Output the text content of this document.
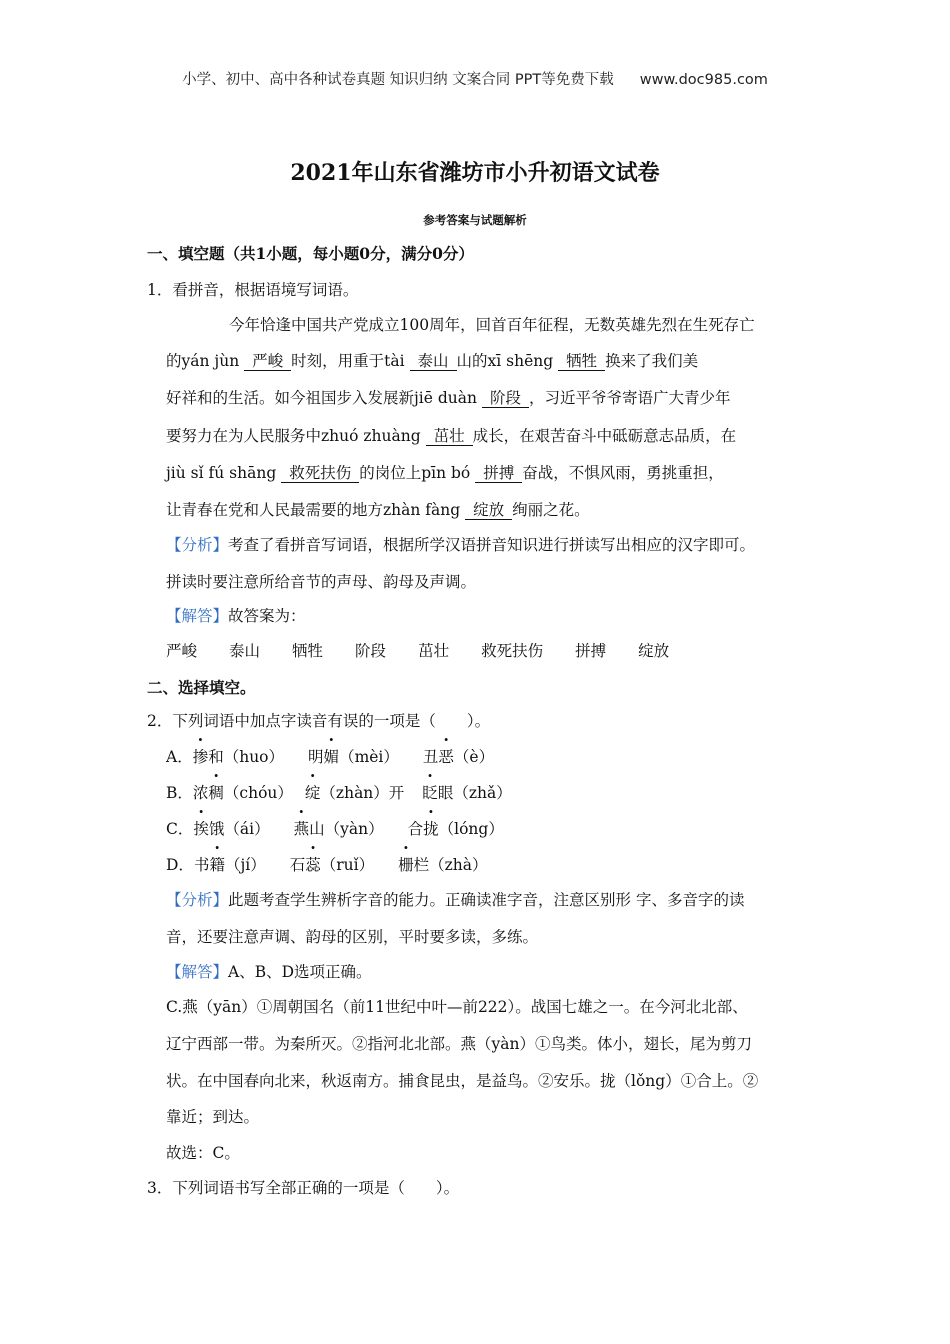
小学、初中、高中各种试卷真题 知识归纳 文案合同 PPT等免费下载 www.doc985.com
2021年山东省潍坊市小升初语文试卷
参考答案与试题解析
一、填空题（共1小题，每小题0分，满分0分）
1．看拼音，根据语境写词语。
今年恰逢中国共产党成立100周年，回首百年征程，无数英雄先烈在生死存亡
的yán jùn 严峻 时刻，用重于tài 泰山 山的xī shēng 牺牲 换来了我们美
好祥和的生活。如今祖国步入发展新jiē duàn 阶段 ，习近平爷爷寄语广大青少年
要努力在为人民服务中zhuó zhuàng 茁壮 成长，在艰苦奋斗中砥砺意志品质，在
jiù sǐ fú shāng 救死扶伤 的岗位上pīn bó 拼搏 奋战，不惧风雨，勇挑重担，
让青春在党和人民最需要的地方zhàn fàng 绽放 绚丽之花。
【分析】考查了看拼音写词语，根据所学汉语拼音知识进行拼读写出相应的汉字即可。
拼读时要注意所给音节的声母、韵母及声调。
【解答】故答案为：
严峻 泰山 牺牲 阶段 茁壮 救死扶伤 拼搏 绽放
二、选择填空。
2．下列词语中加点字读音有误的一项是（　　）。
A．掺和（huo） 明媚（mèi） 丑恶（è）
B．浓稠（chóu） 绽（zhàn）开 眨眼（zhǎ）
C．挨饿（ái） 燕山（yàn） 合拢（lóng）
D．书籍（jí） 石蕊（ruǐ） 栅栏（zhà）
【分析】此题考查学生辨析字音的能力。正确读准字音，注意区别形 字、多音字的读
音，还要注意声调、韵母的区别，平时要多读，多练。
【解答】A、B、D选项正确。
C.燕（yān）①周朝国名（前11世纪中叶—前222）。战国七雄之一。在今河北北部、
辽宁西部一带。为秦所灭。②指河北北部。燕（yàn）①鸟类。体小，翅长，尾为剪刀
状。在中国春向北来，秋返南方。捕食昆虫，是益鸟。②安乐。拢（lǒng）①合上。②
靠近；到达。
故选：C。
3．下列词语书写全部正确的一项是（　　）。
